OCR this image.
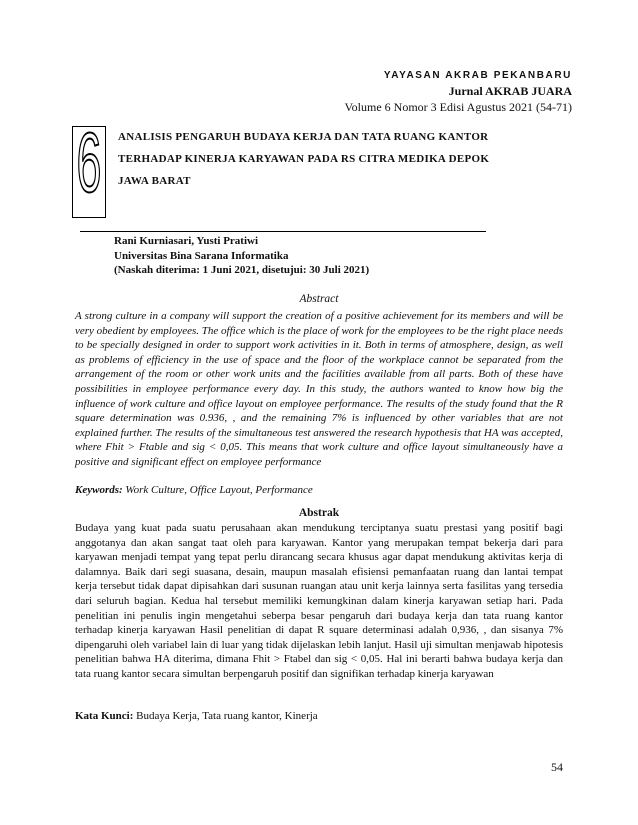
YAYASAN AKRAB PEKANBARU
Jurnal AKRAB JUARA
Volume 6 Nomor 3 Edisi Agustus 2021 (54-71)
6 ANALISIS PENGARUH BUDAYA KERJA DAN TATA RUANG KANTOR
TERHADAP KINERJA KARYAWAN PADA RS CITRA MEDIKA DEPOK
JAWA BARAT
Rani Kurniasari, Yusti Pratiwi
Universitas Bina Sarana Informatika
(Naskah diterima: 1 Juni 2021, disetujui: 30 Juli 2021)
Abstract

A strong culture in a company will support the creation of a positive achievement for its members and will be very obedient by employees. The office which is the place of work for the employees to be the right place needs to be specially designed in order to support work activities in it. Both in terms of atmosphere, design, as well as problems of efficiency in the use of space and the floor of the workplace cannot be separated from the arrangement of the room or other work units and the facilities available from all parts. Both of these have possibilities in employee performance every day. In this study, the authors wanted to know how big the influence of work culture and office layout on employee performance. The results of the study found that the R square determination was 0.936, , and the remaining 7% is influenced by other variables that are not explained further. The results of the simultaneous test answered the research hypothesis that HA was accepted, where Fhit > Ftable and sig < 0,05. This means that work culture and office layout simultaneously have a positive and significant effect on employee performance

Keywords: Work Culture, Office Layout, Performance
Abstrak

Budaya yang kuat pada suatu perusahaan akan mendukung terciptanya suatu prestasi yang positif bagi anggotanya dan akan sangat taat oleh para karyawan. Kantor yang merupakan tempat bekerja dari para karyawan menjadi tempat yang tepat perlu dirancang secara khusus agar dapat mendukung aktivitas kerja di dalamnya. Baik dari segi suasana, desain, maupun masalah efisiensi pemanfaatan ruang dan lantai tempat kerja tersebut tidak dapat dipisahkan dari susunan ruangan atau unit kerja lainnya serta fasilitas yang tersedia dari seluruh bagian. Kedua hal tersebut memiliki kemungkinan dalam kinerja karyawan setiap hari. Pada penelitian ini penulis ingin mengetahui seberpa besar pengaruh dari budaya kerja dan tata ruang kantor terhadap kinerja karyawan Hasil penelitian di dapat R square determinasi adalah 0,936, , dan sisanya 7% dipengaruhi oleh variabel lain di luar yang tidak dijelaskan lebih lanjut. Hasil uji simultan menjawab hipotesis penelitian bahwa HA diterima, dimana Fhit > Ftabel dan sig < 0,05. Hal ini berarti bahwa budaya kerja dan tata ruang kantor secara simultan berpengaruh positif dan signifikan terhadap kinerja karyawan

Kata Kunci: Budaya Kerja, Tata ruang kantor, Kinerja
54
